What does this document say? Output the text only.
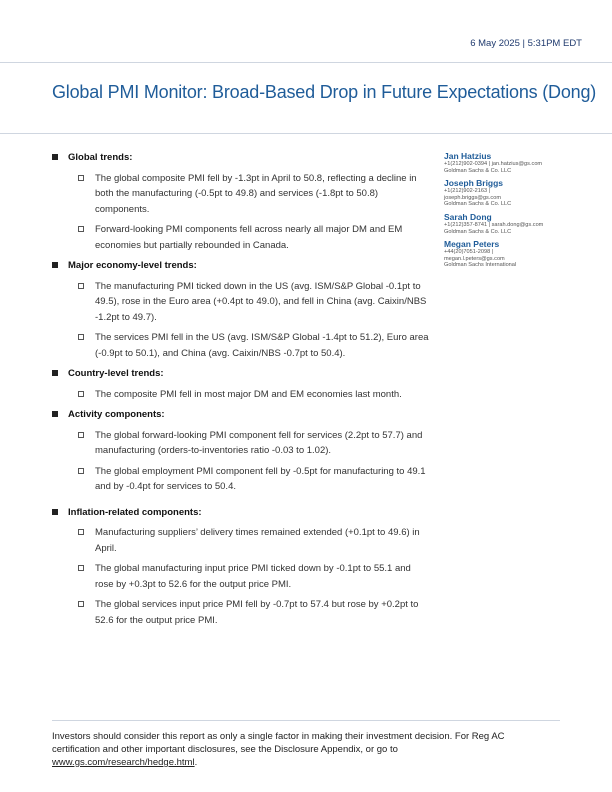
6 May 2025 | 5:31PM EDT
Global PMI Monitor: Broad-Based Drop in Future Expectations (Dong)
Global trends:
The global composite PMI fell by -1.3pt in April to 50.8, reflecting a decline in both the manufacturing (-0.5pt to 49.8) and services (-1.8pt to 50.8) components.
Forward-looking PMI components fell across nearly all major DM and EM economies but partially rebounded in Canada.
Major economy-level trends:
The manufacturing PMI ticked down in the US (avg. ISM/S&P Global -0.1pt to 49.5), rose in the Euro area (+0.4pt to 49.0), and fell in China (avg. Caixin/NBS -1.2pt to 49.7).
The services PMI fell in the US (avg. ISM/S&P Global -1.4pt to 51.2), Euro area (-0.9pt to 50.1), and China (avg. Caixin/NBS -0.7pt to 50.4).
Country-level trends:
The composite PMI fell in most major DM and EM economies last month.
Activity components:
The global forward-looking PMI component fell for services (2.2pt to 57.7) and manufacturing (orders-to-inventories ratio -0.03 to 1.02).
The global employment PMI component fell by -0.5pt for manufacturing to 49.1 and by -0.4pt for services to 50.4.
Inflation-related components:
Manufacturing suppliers’ delivery times remained extended (+0.1pt to 49.6) in April.
The global manufacturing input price PMI ticked down by -0.1pt to 55.1 and rose by +0.3pt to 52.6 for the output price PMI.
The global services input price PMI fell by -0.7pt to 57.4 but rose by +0.2pt to 52.6 for the output price PMI.
Jan Hatzius
+1(212)902-0394 | jan.hatzius@gs.com
Goldman Sachs & Co. LLC
Joseph Briggs
+1(212)902-2163 |
joseph.briggs@gs.com
Goldman Sachs & Co. LLC
Sarah Dong
+1(212)357-8741 | sarah.dong@gs.com
Goldman Sachs & Co. LLC
Megan Peters
+44(20)7051-2098 |
megan.l.peters@gs.com
Goldman Sachs International
Investors should consider this report as only a single factor in making their investment decision. For Reg AC certification and other important disclosures, see the Disclosure Appendix, or go to
www.gs.com/research/hedge.html.
